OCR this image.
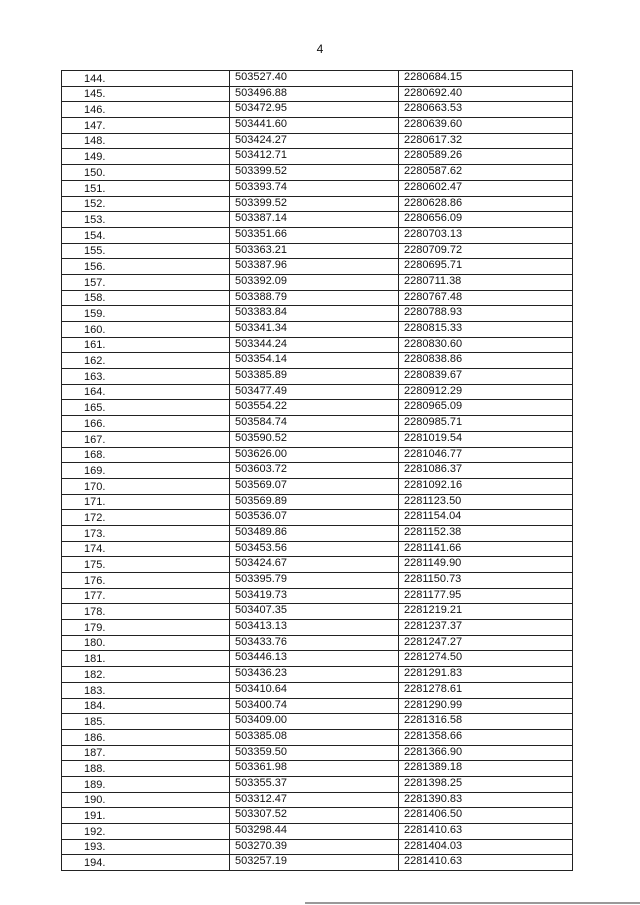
4
144.	503527.40	2280684.15
145.	503496.88	2280692.40
146.	503472.95	2280663.53
147.	503441.60	2280639.60
148.	503424.27	2280617.32
149.	503412.71	2280589.26
150.	503399.52	2280587.62
151.	503393.74	2280602.47
152.	503399.52	2280628.86
153.	503387.14	2280656.09
154.	503351.66	2280703.13
155.	503363.21	2280709.72
156.	503387.96	2280695.71
157.	503392.09	2280711.38
158.	503388.79	2280767.48
159.	503383.84	2280788.93
160.	503341.34	2280815.33
161.	503344.24	2280830.60
162.	503354.14	2280838.86
163.	503385.89	2280839.67
164.	503477.49	2280912.29
165.	503554.22	2280965.09
166.	503584.74	2280985.71
167.	503590.52	2281019.54
168.	503626.00	2281046.77
169.	503603.72	2281086.37
170.	503569.07	2281092.16
171.	503569.89	2281123.50
172.	503536.07	2281154.04
173.	503489.86	2281152.38
174.	503453.56	2281141.66
175.	503424.67	2281149.90
176.	503395.79	2281150.73
177.	503419.73	2281177.95
178.	503407.35	2281219.21
179.	503413.13	2281237.37
180.	503433.76	2281247.27
181.	503446.13	2281274.50
182.	503436.23	2281291.83
183.	503410.64	2281278.61
184.	503400.74	2281290.99
185.	503409.00	2281316.58
186.	503385.08	2281358.66
187.	503359.50	2281366.90
188.	503361.98	2281389.18
189.	503355.37	2281398.25
190.	503312.47	2281390.83
191.	503307.52	2281406.50
192.	503298.44	2281410.63
193.	503270.39	2281404.03
194.	503257.19	2281410.63
